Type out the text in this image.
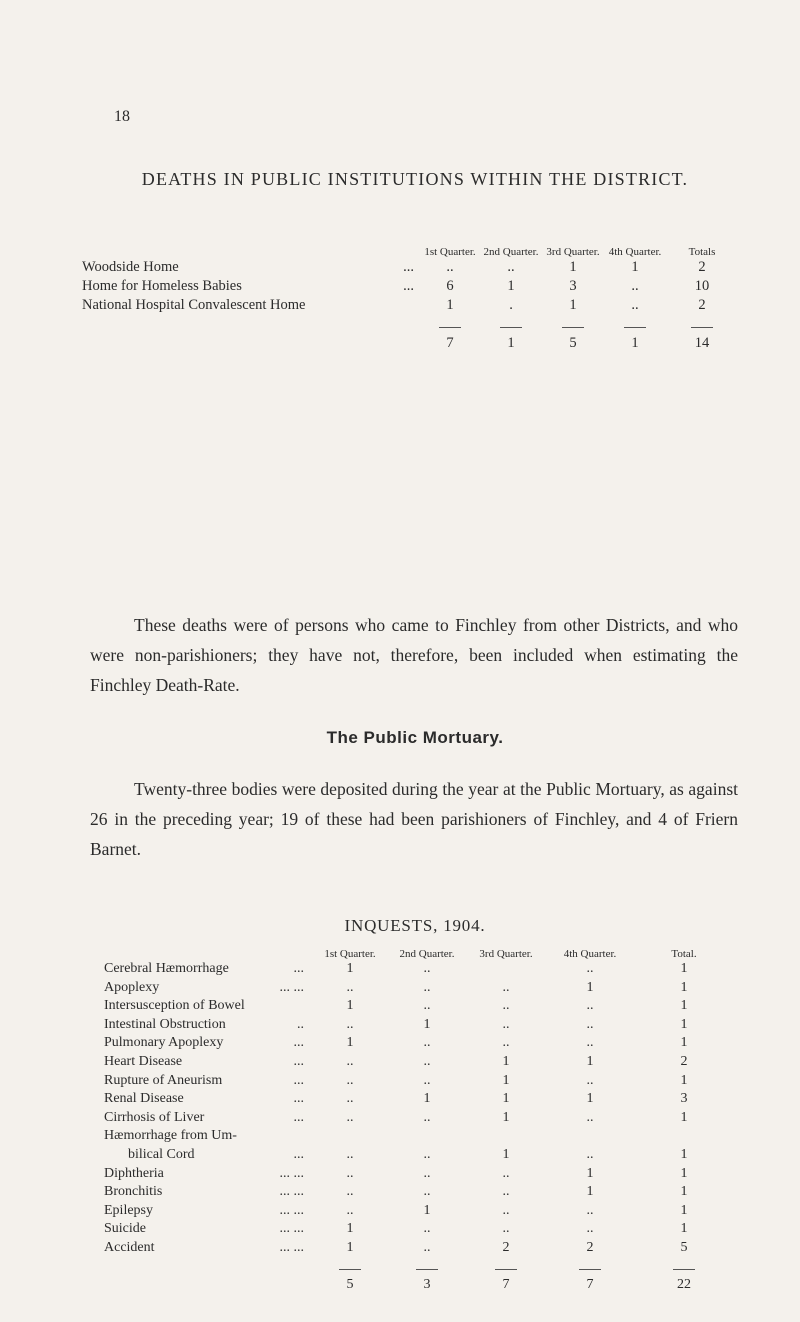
18
DEATHS IN PUBLIC INSTITUTIONS WITHIN THE DISTRICT.
	1st Quarter.	2nd Quarter.	3rd Quarter.	4th Quarter.	Totals
Woodside Home ...	..	..	1	1	2
Home for Homeless Babies ...	6	1	3	..	10
National Hospital Convalescent Home	1	.	1	..	2

	7	1	5	1	14
These deaths were of persons who came to Finchley from other Districts, and who were non-parishioners; they have not, therefore, been included when estimating the Finchley Death-Rate.
The Public Mortuary.
Twenty-three bodies were deposited during the year at the Public Mortuary, as against 26 in the preceding year; 19 of these had been parishioners of Finchley, and 4 of Friern Barnet.
INQUESTS, 1904.
	1st Quarter.	2nd Quarter.	3rd Quarter.	4th Quarter.	Total.
Cerebral Hæmorrhage ...	1	..		..	1
Apoplexy ... ...	..	..	..	1	1
Intersusception of Bowel	1	..	..	..	1
Intestinal Obstruction ..	..	1	..	..	1
Pulmonary Apoplexy ...	1	..	..	..	1
Heart Disease ...	..	..	1	1	2
Rupture of Aneurism ...	..	..	1	..	1
Renal Disease ...	..	1	1	1	3
Cirrhosis of Liver ...	..	..	1	..	1
Hæmorrhage from Um-

bilical Cord ...	..	..	1	..	1
Diphtheria ... ...	..	..	..	1	1
Bronchitis ... ...	..	..	..	1	1
Epilepsy ... ...	..	1	..	..	1
Suicide ... ...	1	..	..	..	1
Accident ... ...	1	..	2	2	5

	5	3	7	7	22
